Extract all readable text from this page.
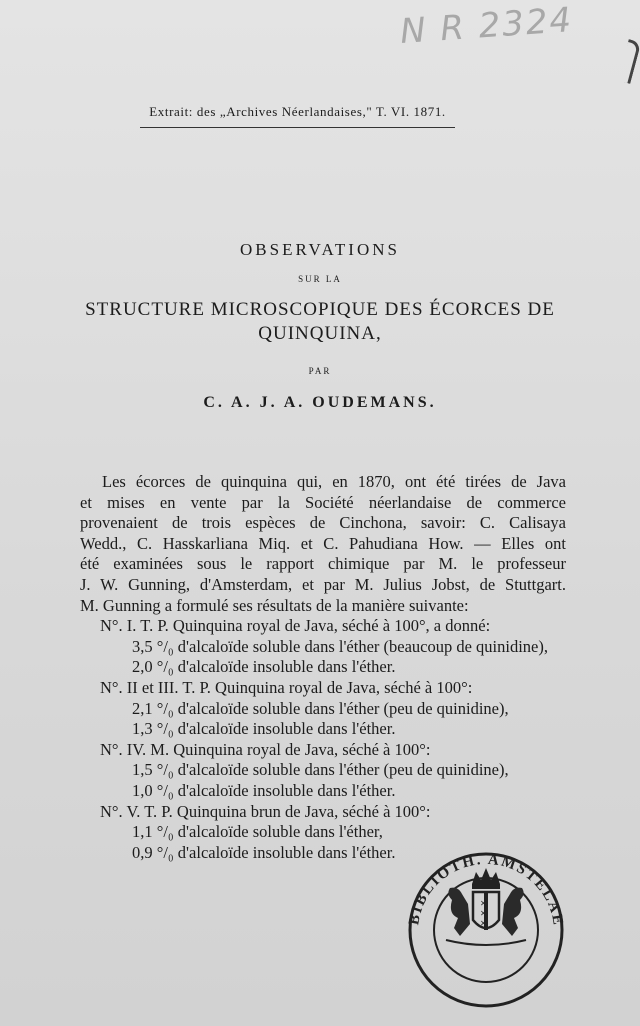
N R 2324
Extrait: des „Archives Néerlandaises," T. VI. 1871.
OBSERVATIONS
SUR LA
STRUCTURE MICROSCOPIQUE DES ÉCORCES DE
QUINQUINA,
PAR
C. A. J. A. OUDEMANS.
Les écorces de quinquina qui, en 1870, ont été tirées de Java
et mises en vente par la Société néerlandaise de commerce
provenaient de trois espèces de Cinchona, savoir: C. Calisaya
Wedd., C. Hasskarliana Miq. et C. Pahudiana How. — Elles ont
été examinées sous le rapport chimique par M. le professeur
J. W. Gunning, d'Amsterdam, et par M. Julius Jobst, de Stuttgart.
M. Gunning a formulé ses résultats de la manière suivante:
N°. I. T. P. Quinquina royal de Java, séché à 100°, a donné:
3,5 °/₀ d'alcaloïde soluble dans l'éther (beaucoup de quinidine),
2,0 °/₀ d'alcaloïde insoluble dans l'éther.
N°. II et III. T. P. Quinquina royal de Java, séché à 100°:
2,1 °/₀ d'alcaloïde soluble dans l'éther (peu de quinidine),
1,3 °/₀ d'alcaloïde insoluble dans l'éther.
N°. IV. M. Quinquina royal de Java, séché à 100°:
1,5 °/₀ d'alcaloïde soluble dans l'éther (peu de quinidine),
1,0 °/₀ d'alcaloïde insoluble dans l'éther.
N°. V. T. P. Quinquina brun de Java, séché à 100°:
1,1 °/₀ d'alcaloïde soluble dans l'éther,
0,9 °/₀ d'alcaloïde insoluble dans l'éther.
BIBLIOTH. AMSTELAE
✕
✕
✕
